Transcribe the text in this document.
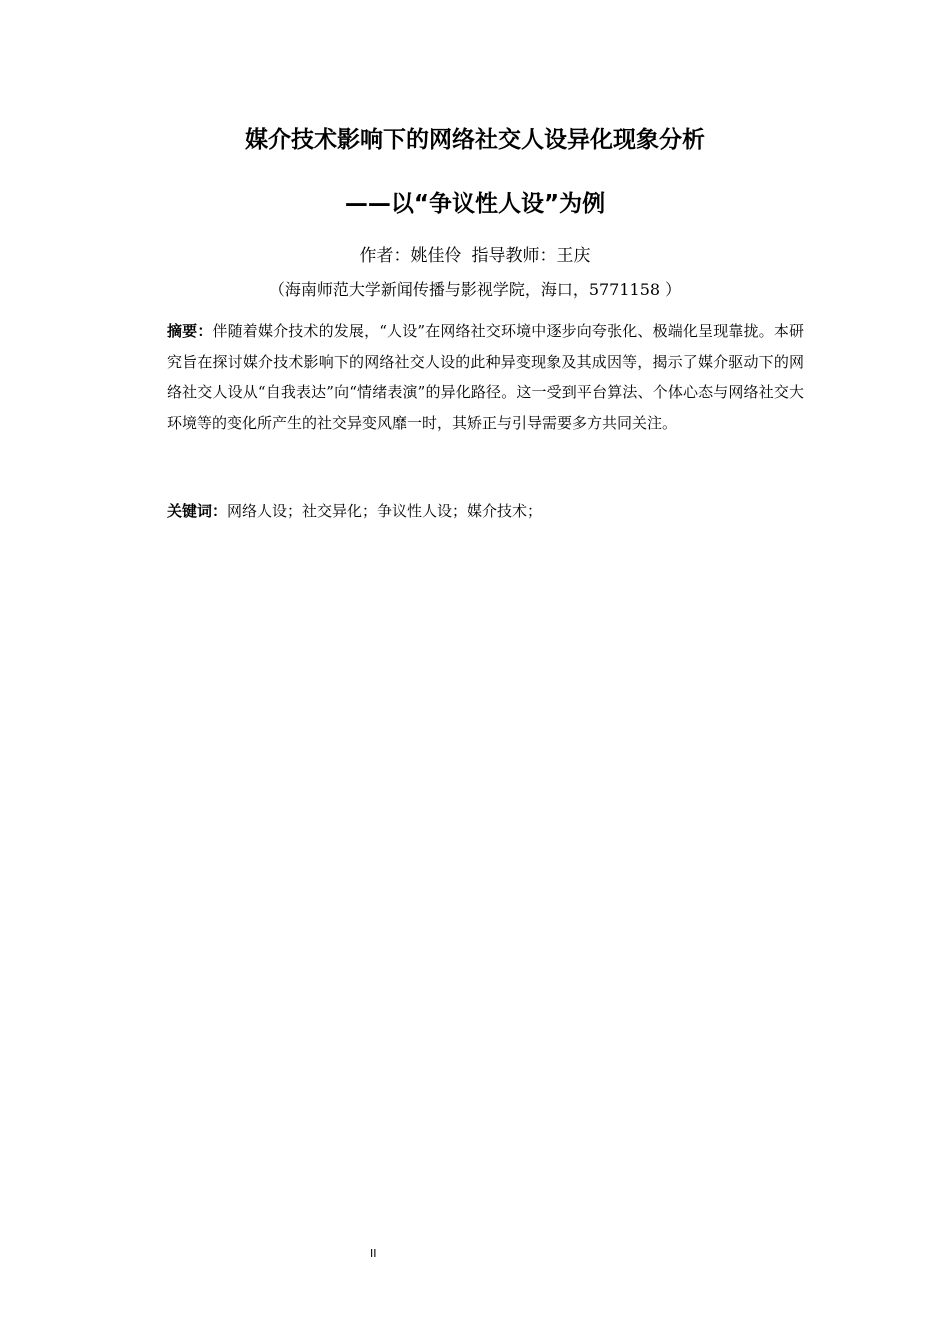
媒介技术影响下的网络社交人设异化现象分析
——以“争议性人设”为例
作者：姚佳伶 指导教师：王庆
（海南师范大学新闻传播与影视学院，海口，5771158 ）
摘要：伴随着媒介技术的发展，“人设”在网络社交环境中逐步向夸张化、极端化呈现靠拢。本研究旨在探讨媒介技术影响下的网络社交人设的此种异变现象及其成因等，揭示了媒介驱动下的网络社交人设从“自我表达”向“情绪表演”的异化路径。这一受到平台算法、个体心态与网络社交大环境等的变化所产生的社交异变风靡一时，其矫正与引导需要多方共同关注。
关键词：网络人设；社交异化；争议性人设；媒介技术；
II
